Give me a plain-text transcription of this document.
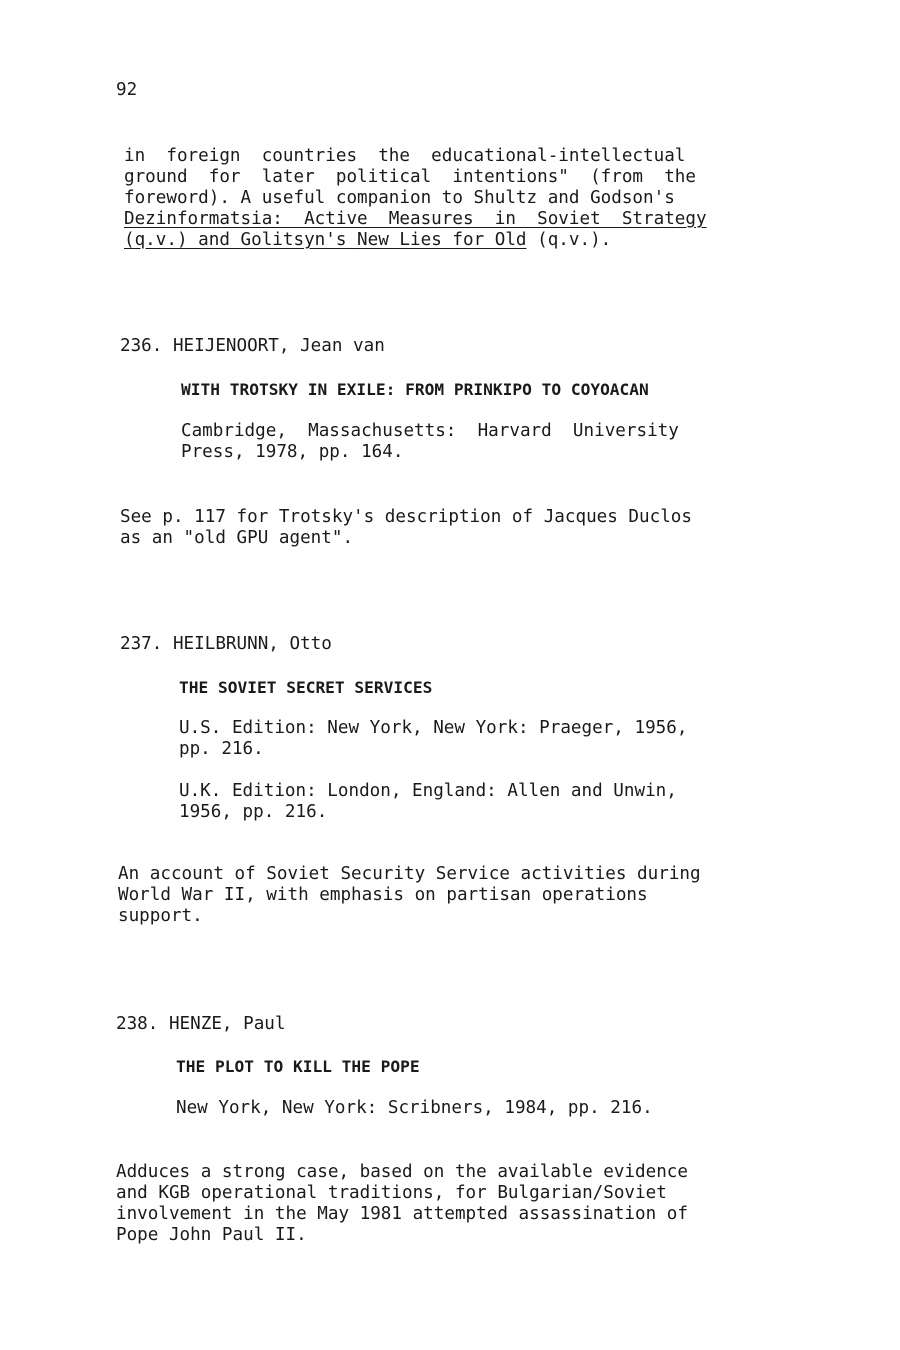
92
in  foreign  countries  the  educational-intellectual
ground  for  later  political  intentions"  (from  the
foreword). A useful companion to Shultz and Godson's
Dezinformatsia:  Active  Measures  in  Soviet  Strategy
(q.v.) and Golitsyn's New Lies for Old (q.v.).
236. HEIJENOORT, Jean van
WITH TROTSKY IN EXILE: FROM PRINKIPO TO COYOACAN
Cambridge,  Massachusetts:  Harvard  University
Press, 1978, pp. 164.
See p. 117 for Trotsky's description of Jacques Duclos
as an "old GPU agent".
237. HEILBRUNN, Otto
THE SOVIET SECRET SERVICES
U.S. Edition: New York, New York: Praeger, 1956,
pp. 216.
U.K. Edition: London, England: Allen and Unwin,
1956, pp. 216.
An account of Soviet Security Service activities during
World War II, with emphasis on partisan operations
support.
238. HENZE, Paul
THE PLOT TO KILL THE POPE
New York, New York: Scribners, 1984, pp. 216.
Adduces a strong case, based on the available evidence
and KGB operational traditions, for Bulgarian/Soviet
involvement in the May 1981 attempted assassination of
Pope John Paul II.
